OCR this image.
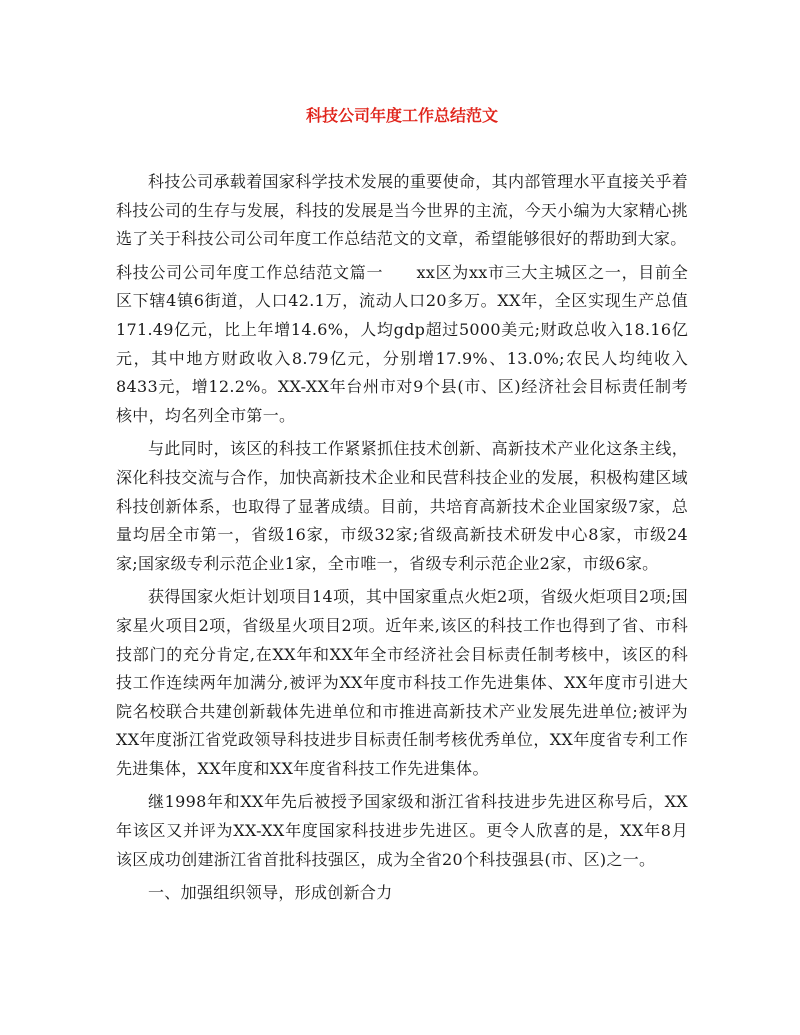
科技公司年度工作总结范文

科技公司承载着国家科学技术发展的重要使命，其内部管理水平直接关乎着科技公司的生存与发展，科技的发展是当今世界的主流，今天小编为大家精心挑选了关于科技公司公司年度工作总结范文的文章，希望能够很好的帮助到大家。

科技公司公司年度工作总结范文篇一　　xx区为xx市三大主城区之一，目前全区下辖4镇6街道，人口42.1万，流动人口20多万。XX年，全区实现生产总值171.49亿元，比上年增14.6%，人均gdp超过5000美元;财政总收入18.16亿元，其中地方财政收入8.79亿元，分别增17.9%、13.0%;农民人均纯收入8433元，增12.2%。XX-XX年台州市对9个县(市、区)经济社会目标责任制考核中，均名列全市第一。

与此同时，该区的科技工作紧紧抓住技术创新、高新技术产业化这条主线，深化科技交流与合作，加快高新技术企业和民营科技企业的发展，积极构建区域科技创新体系，也取得了显著成绩。目前，共培育高新技术企业国家级7家，总量均居全市第一，省级16家，市级32家;省级高新技术研发中心8家，市级24家;国家级专利示范企业1家，全市唯一，省级专利示范企业2家，市级6家。

获得国家火炬计划项目14项，其中国家重点火炬2项，省级火炬项目2项;国家星火项目2项，省级星火项目2项。近年来,该区的科技工作也得到了省、市科技部门的充分肯定,在XX年和XX年全市经济社会目标责任制考核中，该区的科技工作连续两年加满分,被评为XX年度市科技工作先进集体、XX年度市引进大院名校联合共建创新载体先进单位和市推进高新技术产业发展先进单位;被评为XX年度浙江省党政领导科技进步目标责任制考核优秀单位，XX年度省专利工作先进集体，XX年度和XX年度省科技工作先进集体。

继1998年和XX年先后被授予国家级和浙江省科技进步先进区称号后，XX年该区又并评为XX-XX年度国家科技进步先进区。更令人欣喜的是，XX年8月该区成功创建浙江省首批科技强区，成为全省20个科技强县(市、区)之一。

一、加强组织领导，形成创新合力
